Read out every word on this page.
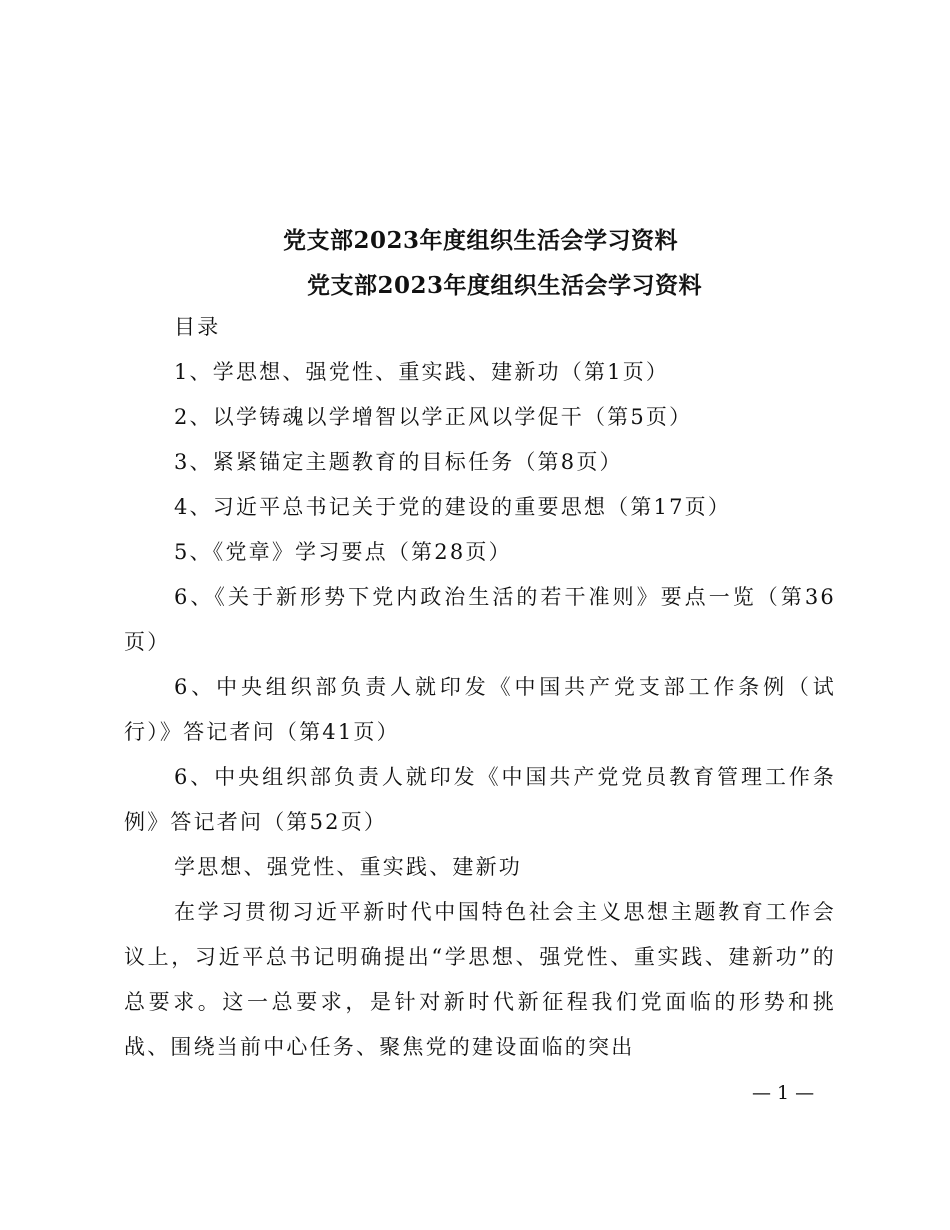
党支部2023年度组织生活会学习资料
党支部2023年度组织生活会学习资料

目录

1、学思想、强党性、重实践、建新功（第1页）

2、以学铸魂以学增智以学正风以学促干（第5页）

3、紧紧锚定主题教育的目标任务（第8页）

4、习近平总书记关于党的建设的重要思想（第17页）

5、《党章》学习要点（第28页）

6、《关于新形势下党内政治生活的若干准则》要点一览（第36页）

6、中央组织部负责人就印发《中国共产党支部工作条例（试行）》答记者问（第41页）

6、中央组织部负责人就印发《中国共产党党员教育管理工作条例》答记者问（第52页）

学思想、强党性、重实践、建新功

在学习贯彻习近平新时代中国特色社会主义思想主题教育工作会议上，习近平总书记明确提出“学思想、强党性、重实践、建新功”的总要求。这一总要求，是针对新时代新征程我们党面临的形势和挑战、围绕当前中心任务、聚焦党的建设面临的突出

— 1 —
